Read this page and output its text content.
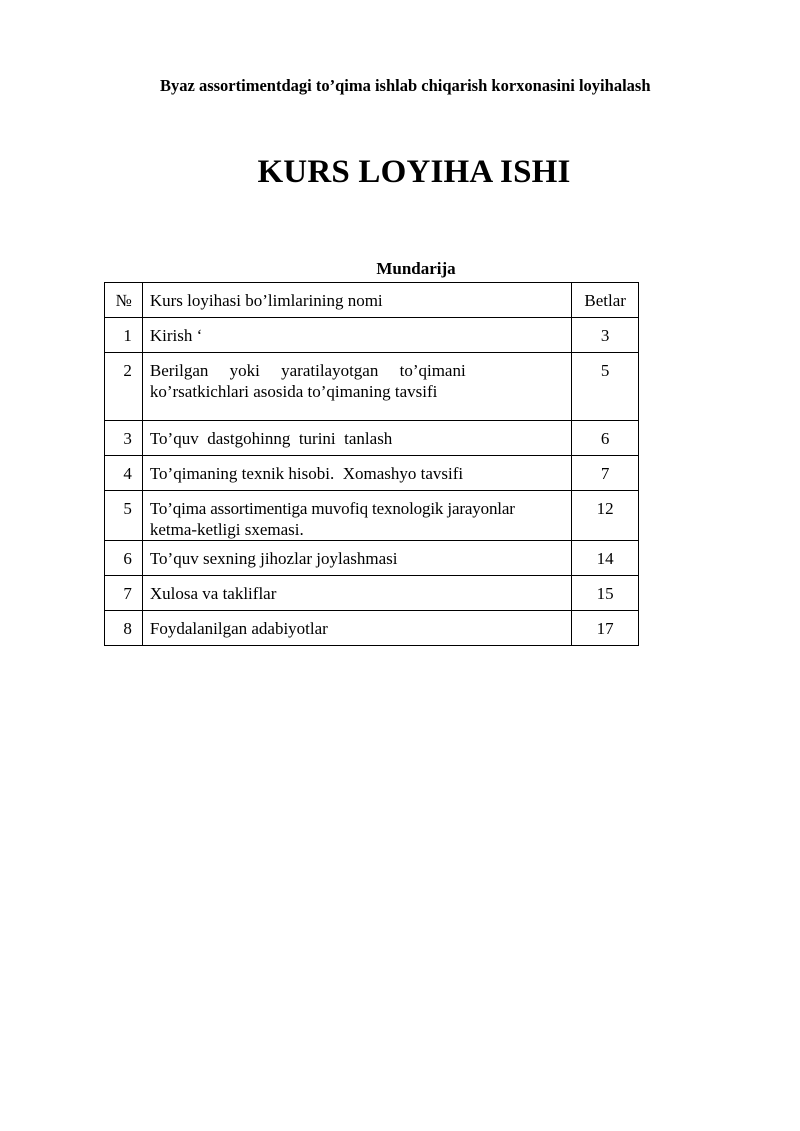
Byaz assortimentdagi to’qima ishlab chiqarish korxonasini loyihalash
KURS LOYIHA ISHI
Mundarija
№	Kurs loyihasi bo’limlarining nomi	Betlar
1	Kirish ‘	3
2	Berilgan     yoki     yaratilayotgan     to’qimani
ko’rsatkichlari asosida to’qimaning tavsifi	5
3	To’quv  dastgohinng  turini  tanlash	6
4	To’qimaning texnik hisobi.  Xomashyo tavsifi	7
5	To’qima assortimentiga muvofiq texnologik jarayonlar
ketma-ketligi sxemasi.	12
6	To’quv sexning jihozlar joylashmasi	14
7	Xulosa va takliflar	15
8	Foydalanilgan adabiyotlar	17
